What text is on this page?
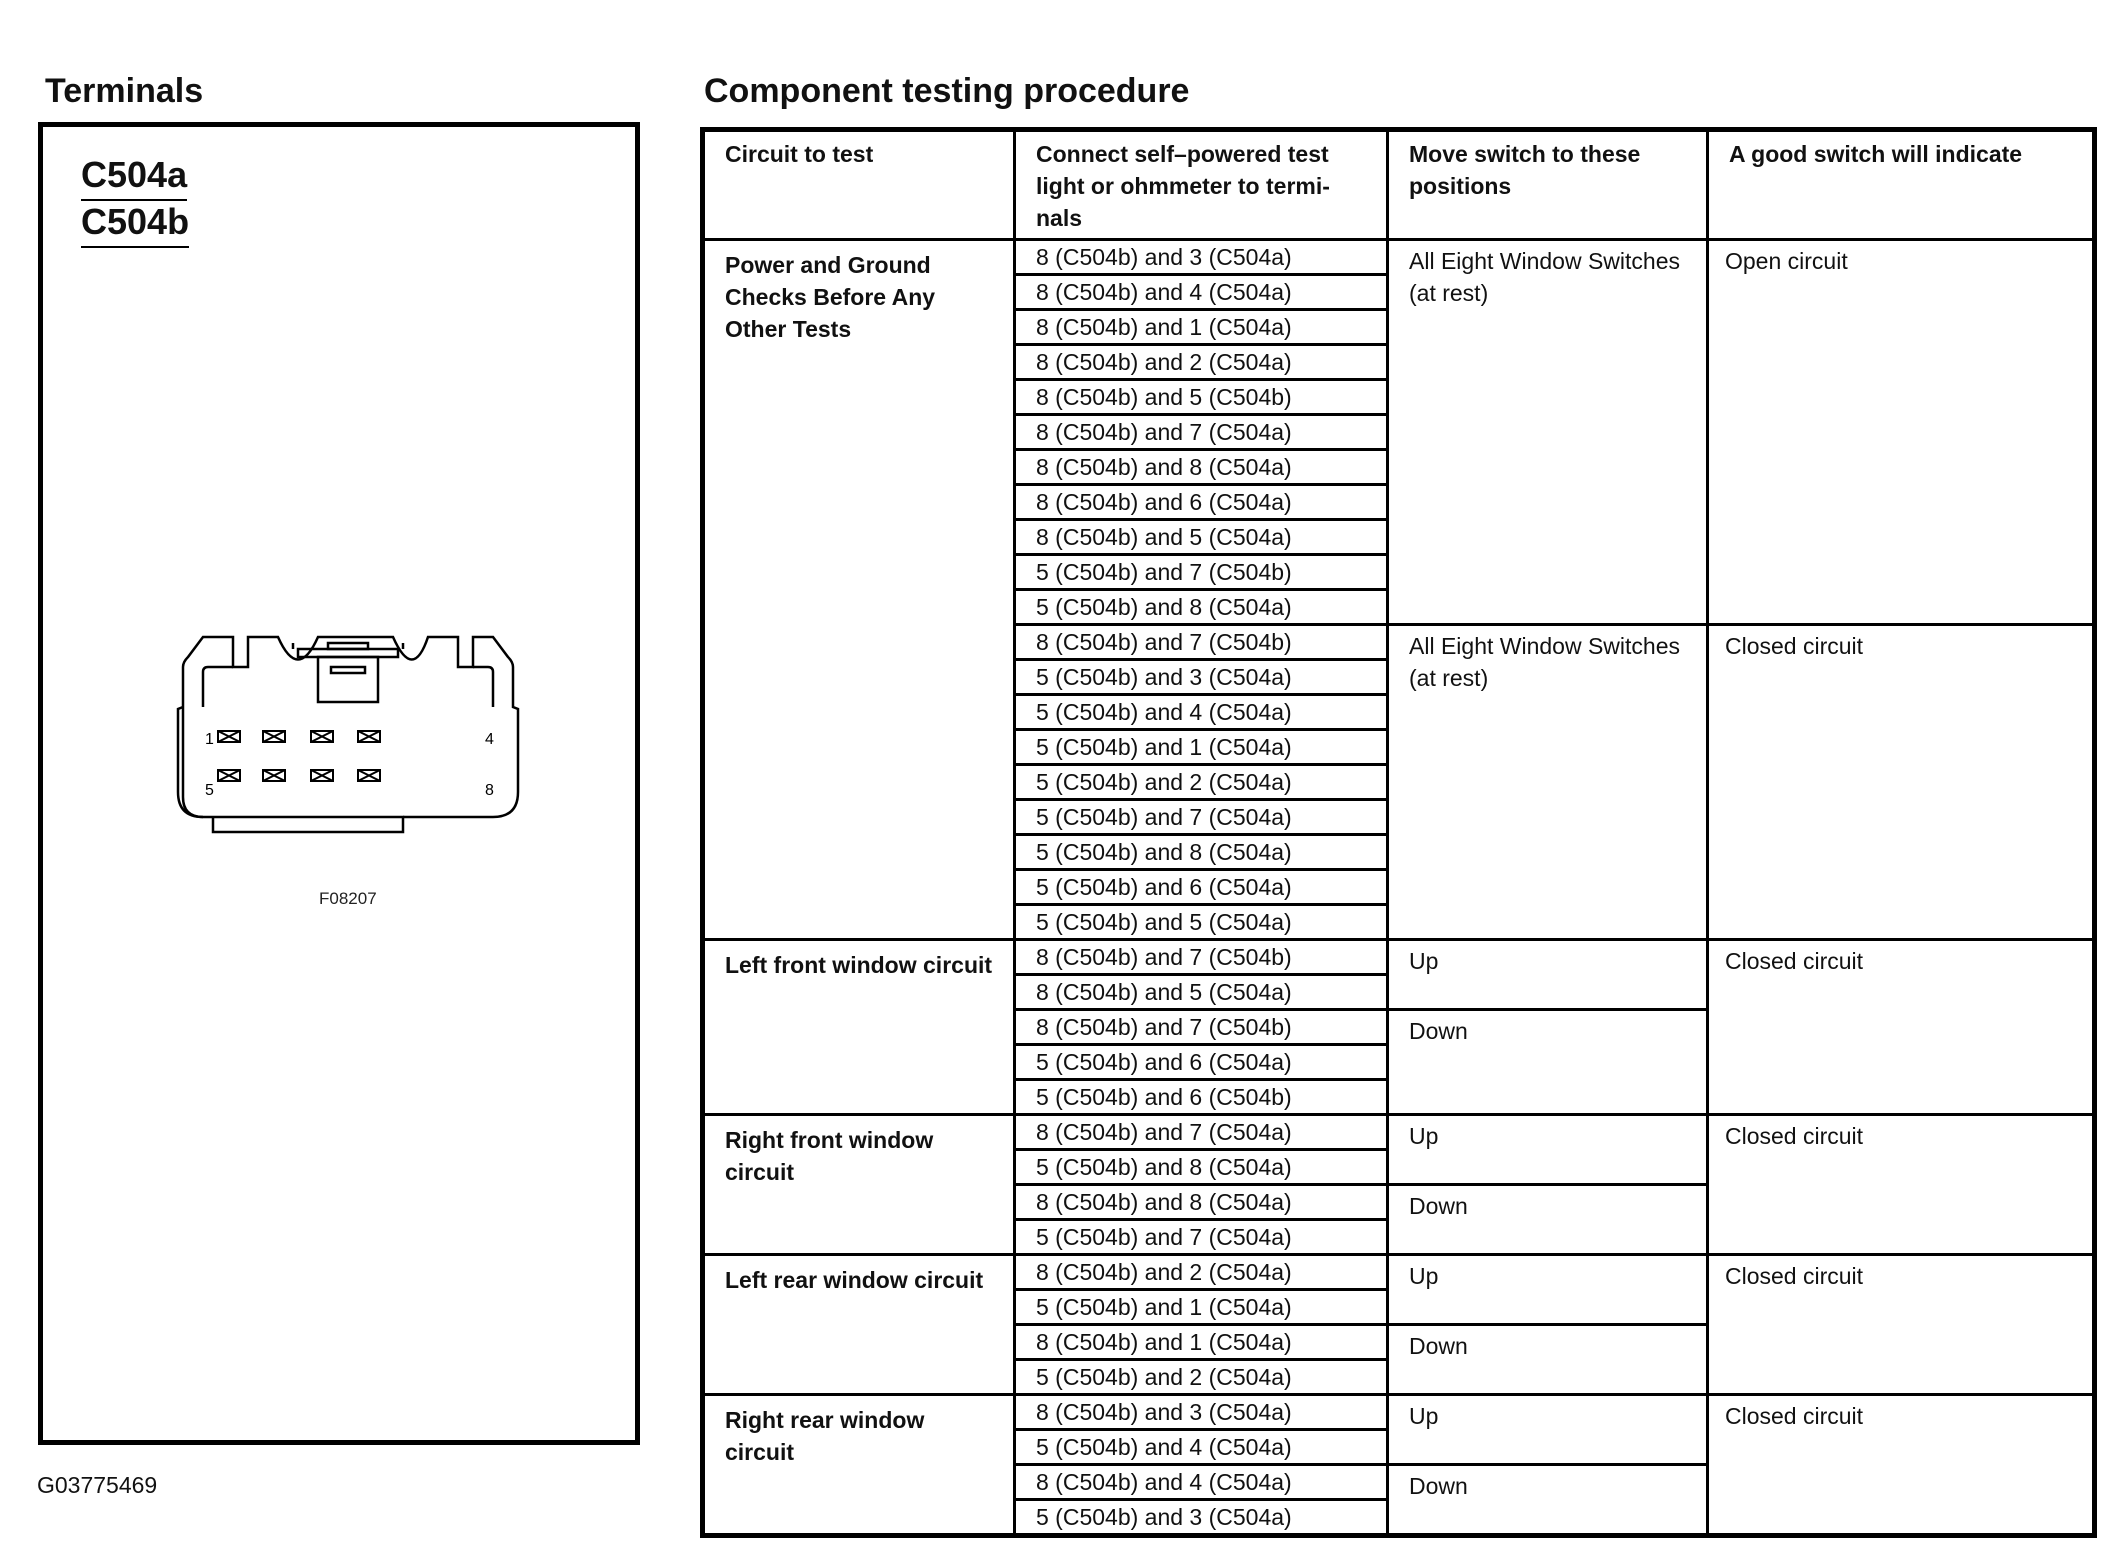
Terminals	Component testing procedure
C504a
C504b
1	4
5	8
F08207
G03775469
Circuit to test	Connect self–powered test light or ohmmeter to termi- nals	Move switch to these positions	A good switch will indicate
Power and Ground Checks Before Any Other Tests	8 (C504b) and 3 (C504a)	All Eight Window Switches (at rest)	Open circuit
	8 (C504b) and 4 (C504a)		
	8 (C504b) and 1 (C504a)		
	8 (C504b) and 2 (C504a)		
	8 (C504b) and 5 (C504b)		
	8 (C504b) and 7 (C504a)		
	8 (C504b) and 8 (C504a)		
	8 (C504b) and 6 (C504a)		
	8 (C504b) and 5 (C504a)		
	5 (C504b) and 7 (C504b)		
	5 (C504b) and 8 (C504a)		
	8 (C504b) and 7 (C504b)	All Eight Window Switches (at rest)	Closed circuit
	5 (C504b) and 3 (C504a)		
	5 (C504b) and 4 (C504a)		
	5 (C504b) and 1 (C504a)		
	5 (C504b) and 2 (C504a)		
	5 (C504b) and 7 (C504a)		
	5 (C504b) and 8 (C504a)		
	5 (C504b) and 6 (C504a)		
	5 (C504b) and 5 (C504a)		
Left front window circuit	8 (C504b) and 7 (C504b)	Up	Closed circuit
	8 (C504b) and 5 (C504a)		
	8 (C504b) and 7 (C504b)	Down	
	5 (C504b) and 6 (C504a)		
	5 (C504b) and 6 (C504b)		
Right front window circuit	8 (C504b) and 7 (C504a)	Up	Closed circuit
	5 (C504b) and 8 (C504a)		
	8 (C504b) and 8 (C504a)	Down	
	5 (C504b) and 7 (C504a)		
Left rear window circuit	8 (C504b) and 2 (C504a)	Up	Closed circuit
	5 (C504b) and 1 (C504a)		
	8 (C504b) and 1 (C504a)	Down	
	5 (C504b) and 2 (C504a)		
Right rear window circuit	8 (C504b) and 3 (C504a)	Up	Closed circuit
	5 (C504b) and 4 (C504a)		
	8 (C504b) and 4 (C504a)	Down	
	5 (C504b) and 3 (C504a)		
